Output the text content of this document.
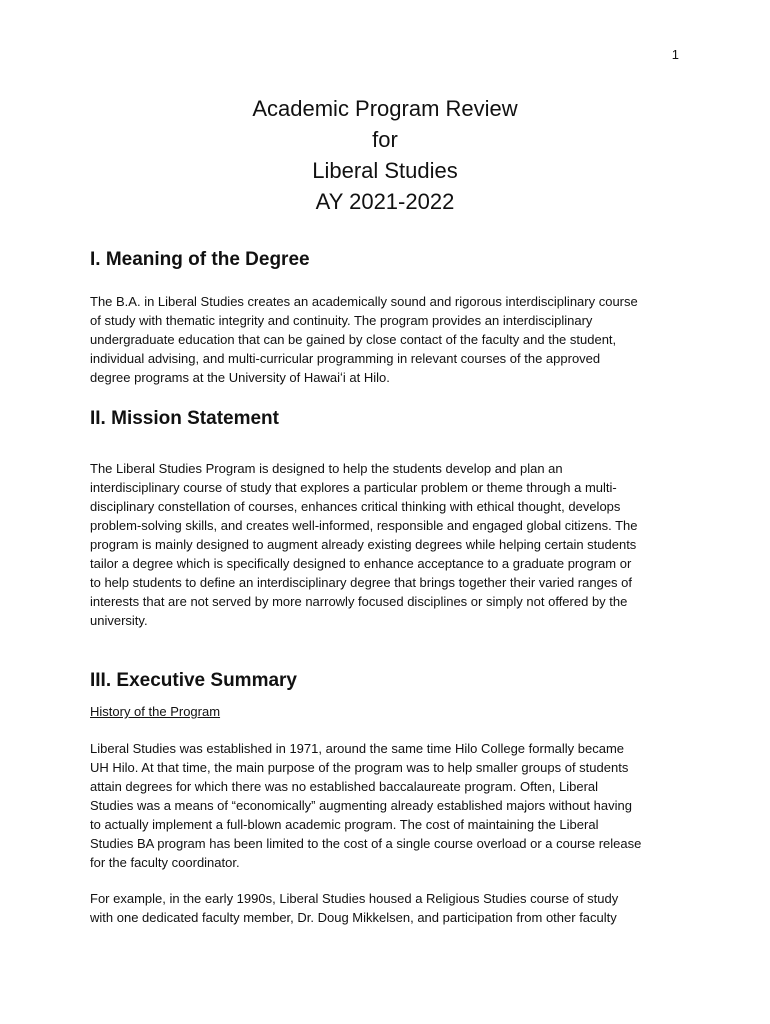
1

Academic Program Review

for

Liberal Studies

AY 2021-2022

I. Meaning of the Degree
The B.A. in Liberal Studies creates an academically sound and rigorous interdisciplinary course
of study with thematic integrity and continuity. The program provides an interdisciplinary
undergraduate education that can be gained by close contact of the faculty and the student,
individual advising, and multi-curricular programming in relevant courses of the approved
degree programs at the University of Hawaiʻi at Hilo.
II. Mission Statement
The Liberal Studies Program is designed to help the students develop and plan an
interdisciplinary course of study that explores a particular problem or theme through a multi-
disciplinary constellation of courses, enhances critical thinking with ethical thought, develops
problem-solving skills, and creates well-informed, responsible and engaged global citizens. The
program is mainly designed to augment already existing degrees while helping certain students
tailor a degree which is specifically designed to enhance acceptance to a graduate program or
to help students to define an interdisciplinary degree that brings together their varied ranges of
interests that are not served by more narrowly focused disciplines or simply not offered by the
university.
III. Executive Summary
History of the Program
Liberal Studies was established in 1971, around the same time Hilo College formally became
UH Hilo. At that time, the main purpose of the program was to help smaller groups of students
attain degrees for which there was no established baccalaureate program. Often, Liberal
Studies was a means of “economically” augmenting already established majors without having
to actually implement a full-blown academic program. The cost of maintaining the Liberal
Studies BA program has been limited to the cost of a single course overload or a course release
for the faculty coordinator.
For example, in the early 1990s, Liberal Studies housed a Religious Studies course of study
with one dedicated faculty member, Dr. Doug Mikkelsen, and participation from other faculty
